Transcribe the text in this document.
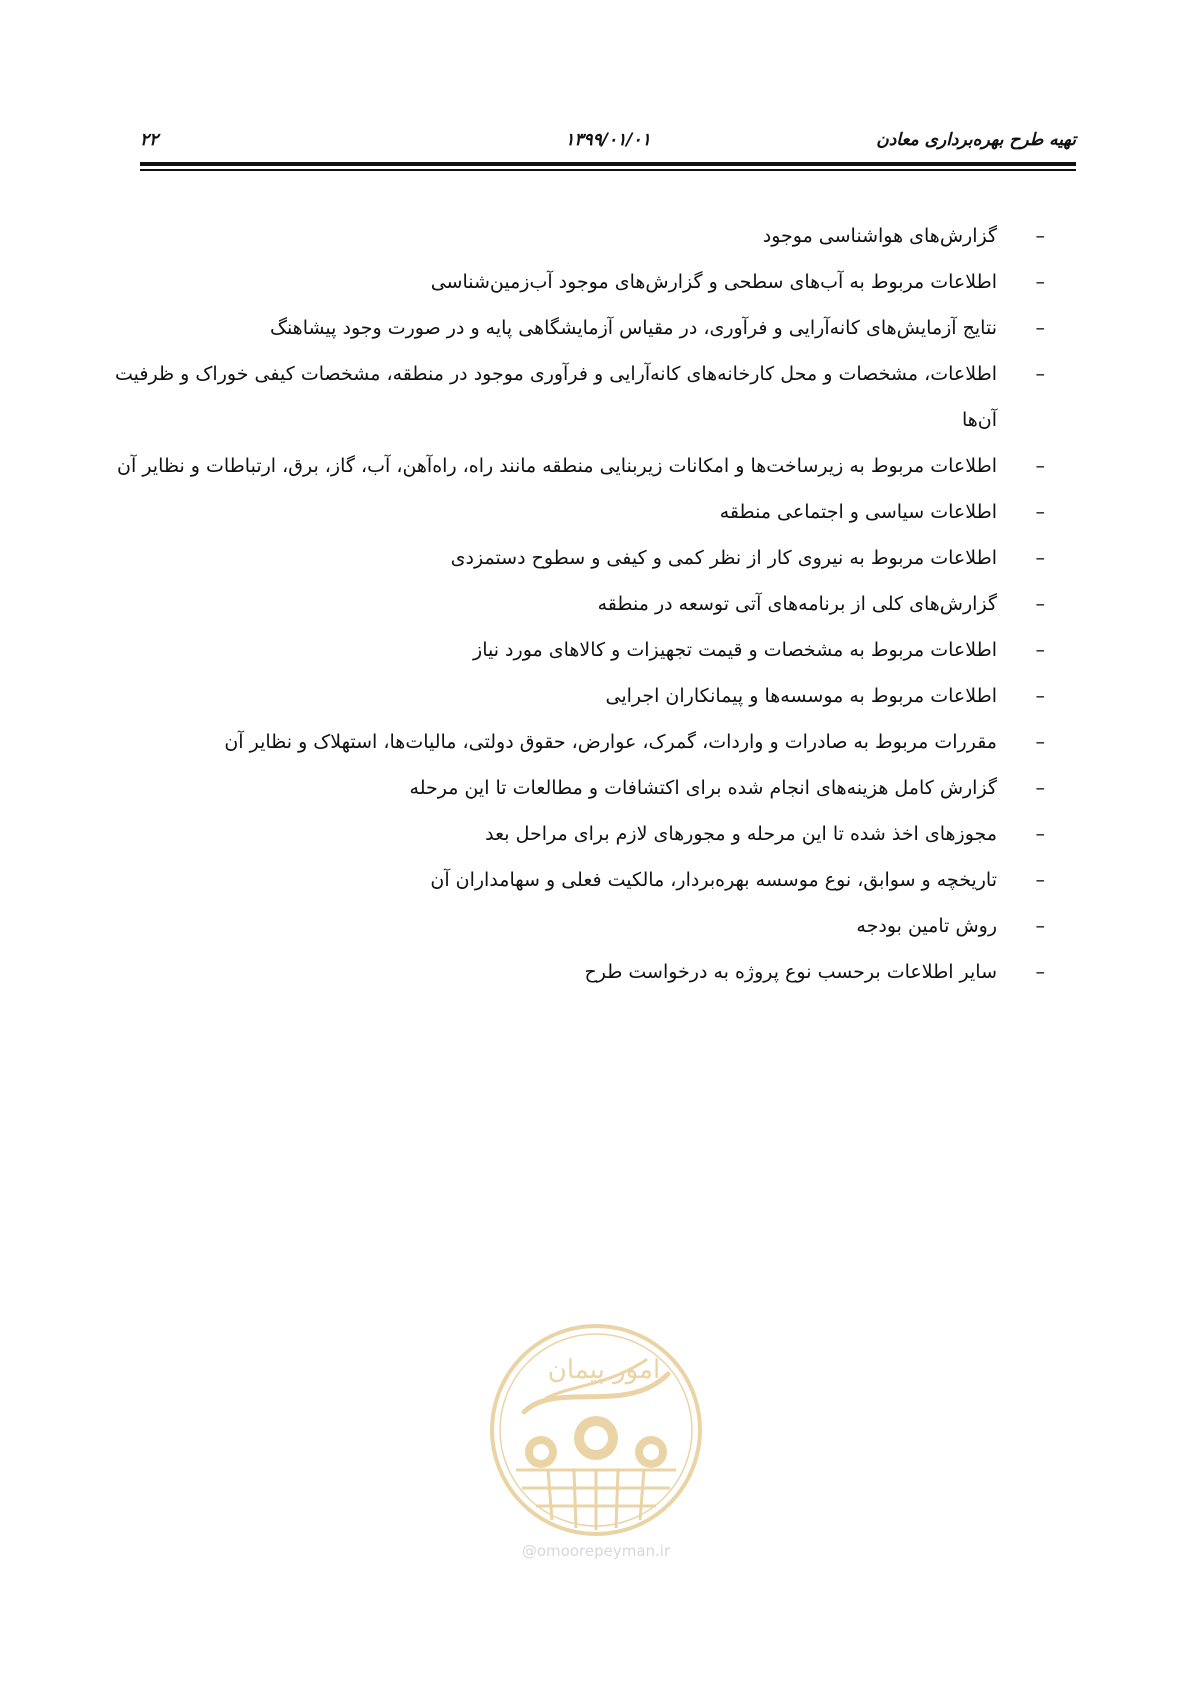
تهیه طرح بهره‌برداری معادن
۱۳۹۹/۰۱/۰۱
۲۲
–
گزارش‌های هواشناسی موجود
–
اطلاعات مربوط به آب‌های سطحی و گزارش‌های موجود آب‌زمین‌شناسی
–
نتایج آزمایش‌های کانه‌آرایی و فرآوری، در مقیاس آزمایشگاهی پایه و در صورت وجود پیشاهنگ
–
اطلاعات، مشخصات و محل کارخانه‌های کانه‌آرایی و فرآوری موجود در منطقه، مشخصات کیفی خوراک و ظرفیت آن‌ها
–
اطلاعات مربوط به زیرساخت‌ها و امکانات زیربنایی منطقه مانند راه، راه‌آهن، آب، گاز، برق، ارتباطات و نظایر آن
–
اطلاعات سیاسی و اجتماعی منطقه
–
اطلاعات مربوط به نیروی کار از نظر کمی و کیفی و سطوح دستمزدی
–
گزارش‌های کلی از برنامه‌های آتی توسعه در منطقه
–
اطلاعات مربوط به مشخصات و قیمت تجهیزات و کالاهای مورد نیاز
–
اطلاعات مربوط به موسسه‌ها و پیمانکاران اجرایی
–
مقررات مربوط به صادرات و واردات، گمرک، عوارض، حقوق دولتی، مالیات‌ها، استهلاک و نظایر آن
–
گزارش کامل هزینه‌های انجام شده برای اکتشافات و مطالعات تا این مرحله
–
مجوزهای اخذ شده تا این مرحله و مجورهای لازم برای مراحل بعد
–
تاریخچه و سوابق، نوع موسسه بهره‌بردار، مالکیت فعلی و سهامداران آن
–
روش تامین بودجه
–
سایر اطلاعات برحسب نوع پروژه به درخواست طرح
امور پیمان
@omoorepeyman.ir
